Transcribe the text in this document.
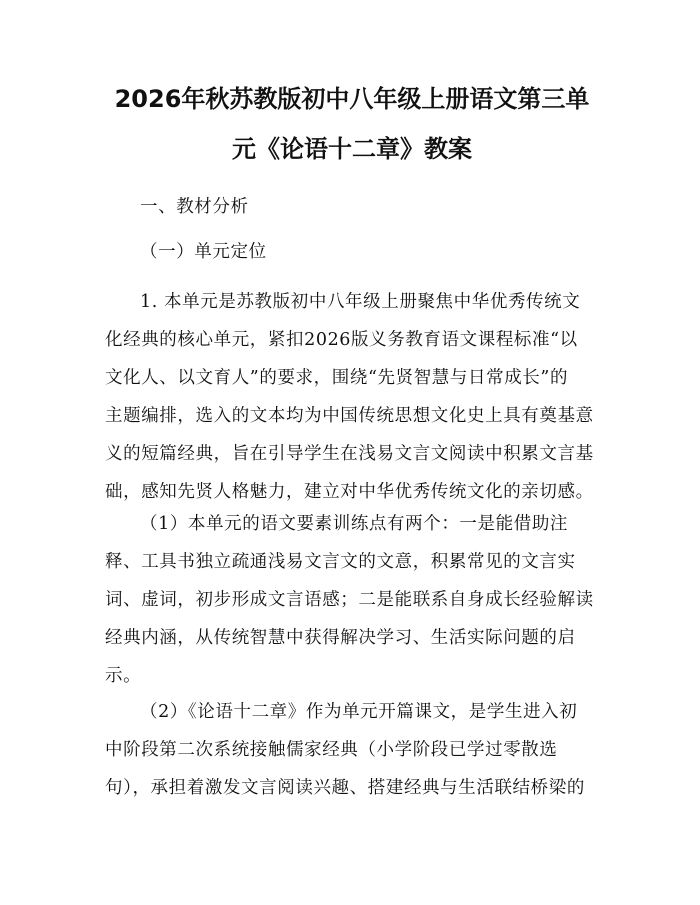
2026年秋苏教版初中八年级上册语文第三单
元《论语十二章》教案
一、教材分析
（一）单元定位
1. 本单元是苏教版初中八年级上册聚焦中华优秀传统文
化经典的核心单元，紧扣2026版义务教育语文课程标准“以
文化人、以文育人”的要求，围绕“先贤智慧与日常成长”的
主题编排，选入的文本均为中国传统思想文化史上具有奠基意
义的短篇经典，旨在引导学生在浅易文言文阅读中积累文言基
础，感知先贤人格魅力，建立对中华优秀传统文化的亲切感。
（1）本单元的语文要素训练点有两个：一是能借助注
释、工具书独立疏通浅易文言文的文意，积累常见的文言实
词、虚词，初步形成文言语感；二是能联系自身成长经验解读
经典内涵，从传统智慧中获得解决学习、生活实际问题的启
示。
（2）《论语十二章》作为单元开篇课文，是学生进入初
中阶段第二次系统接触儒家经典（小学阶段已学过零散选
句），承担着激发文言阅读兴趣、搭建经典与生活联结桥梁的
